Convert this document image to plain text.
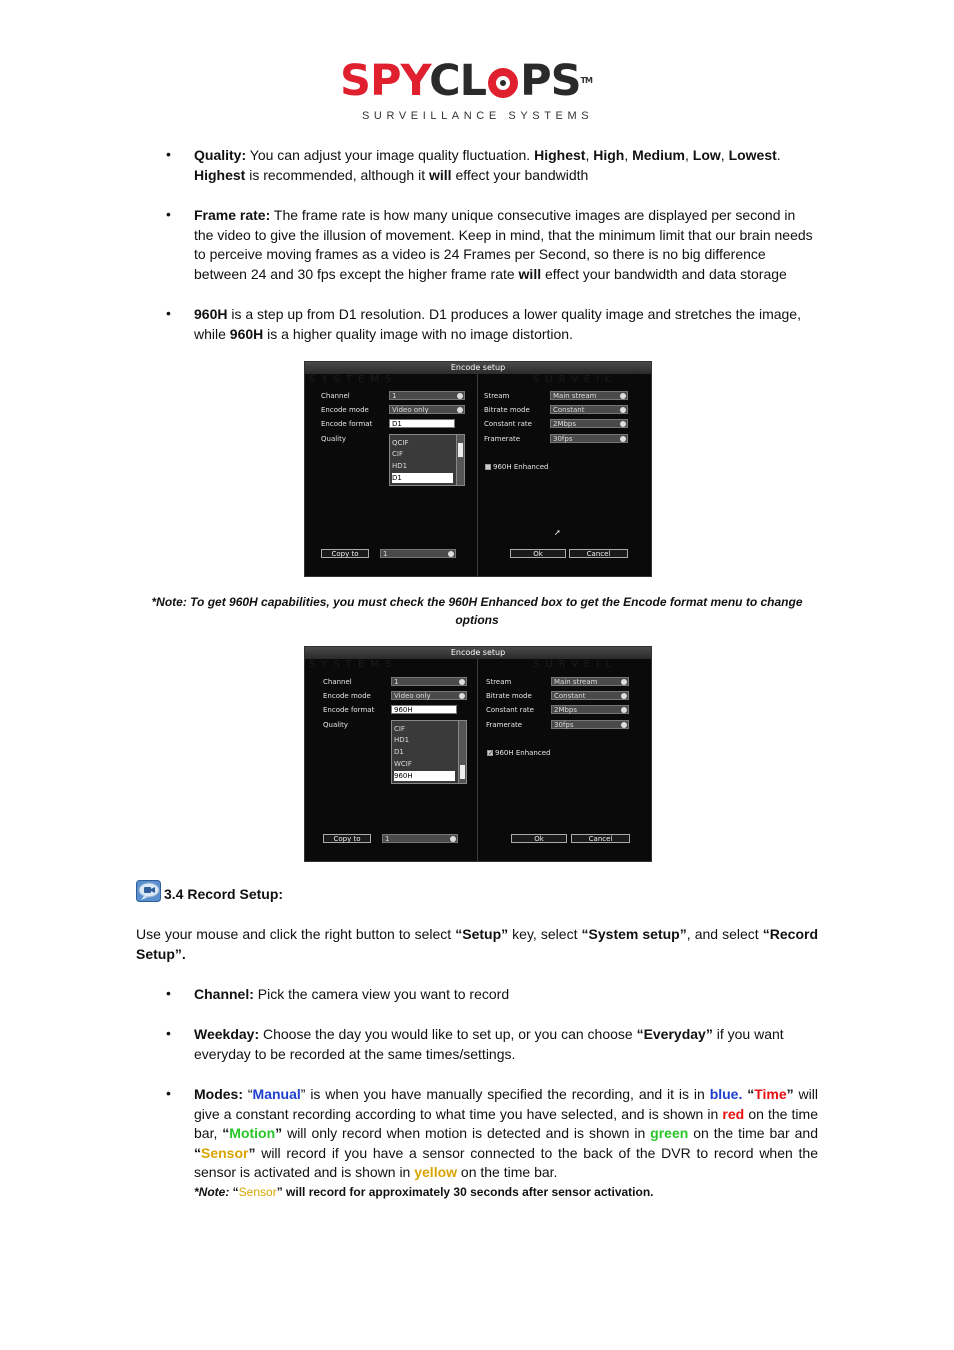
SPYCL PS™
SURVEILLANCE SYSTEMS
•	Quality: You can adjust your image quality fluctuation. Highest, High, Medium, Low, Lowest.
Highest is recommended, although it will effect your bandwidth
•	Frame rate: The frame rate is how many unique consecutive images are displayed per second in the video to give the illusion of movement. Keep in mind, that the minimum limit that our brain needs to perceive moving frames as a video is 24 Frames per Second, so there is no big difference between 24 and 30 fps except the higher frame rate will effect your bandwidth and data storage
•	960H is a step up from D1 resolution. D1 produces a lower quality image and stretches the image, while 960H is a higher quality image with no image distortion.
Encode setup
SYSTEMS	SURVEIL
Channel	1
Encode mode	Video only
Encode format	D1
Quality	QCIF
CIF
HD1
D1
Stream	Main stream
Bitrate mode	Constant
Constant rate	2Mbps
Framerate	30fps
960H Enhanced
➚
Copy to	1	Ok	Cancel
*Note: To get 960H capabilities, you must check the 960H Enhanced box to get the Encode format menu to change options
Encode setup
SYSTEMS	SURVEIL
Channel	1
Encode mode	Video only
Encode format	960H
Quality	CIF
HD1
D1
WCIF
960H
Stream	Main stream
Bitrate mode	Constant
Constant rate	2Mbps
Framerate	30fps
✓ 960H Enhanced
Copy to	1	Ok	Cancel
3.4 Record Setup:
Use your mouse and click the right button to select “Setup” key, select “System setup”, and select “Record Setup”.
•	Channel: Pick the camera view you want to record
•	Weekday: Choose the day you would like to set up, or you can choose “Everyday” if you want everyday to be recorded at the same times/settings.
•	Modes: “Manual” is when you have manually specified the recording, and it is in blue. “Time” will give a constant recording according to what time you have selected, and is shown in red on the time bar, “Motion” will only record when motion is detected and is shown in green on the time bar and “Sensor” will record if you have a sensor connected to the back of the DVR to record when the sensor is activated and is shown in yellow on the time bar.
*Note: “Sensor” will record for approximately 30 seconds after sensor activation.
